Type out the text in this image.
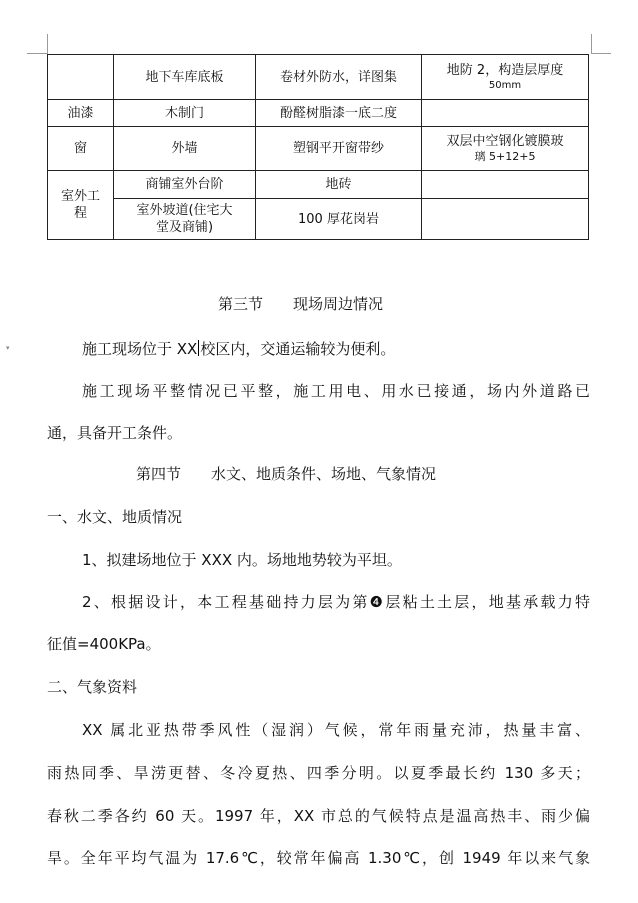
	地下车库底板	卷材外防水，详图集	地防 2，构造层厚度
50mm

油漆	木制门	酚醛树脂漆一底二度	
窗	外墙	塑钢平开窗带纱	双层中空钢化镀膜玻
璃 5+12+5

室外工
程	商铺室外台阶	地砖	

	室外坡道(住宅大
堂及商铺)	100 厚花岗岩	
▾
第三节　　现场周边情况
施工现场位于 XX 校区内，交通运输较为便利。
施工现场平整情况已平整，施工用电、用水已接通，场内外道路已
通，具备开工条件。
第四节　　水文、地质条件、场地、气象情况
一、水文、地质情况
1、拟建场地位于 XXX 内。场地地势较为平坦。
2、根据设计，本工程基础持力层为第❹层粘土土层，地基承载力特
征值=400KPa。
二、气象资料
XX 属北亚热带季风性（湿润）气候，常年雨量充沛，热量丰富、
雨热同季、旱涝更替、冬冷夏热、四季分明。以夏季最长约 130 多天；
春秋二季各约 60 天。1997 年，XX 市总的气候特点是温高热丰、雨少偏
旱。全年平均气温为 17.6℃，较常年偏高 1.30℃，创 1949 年以来气象
